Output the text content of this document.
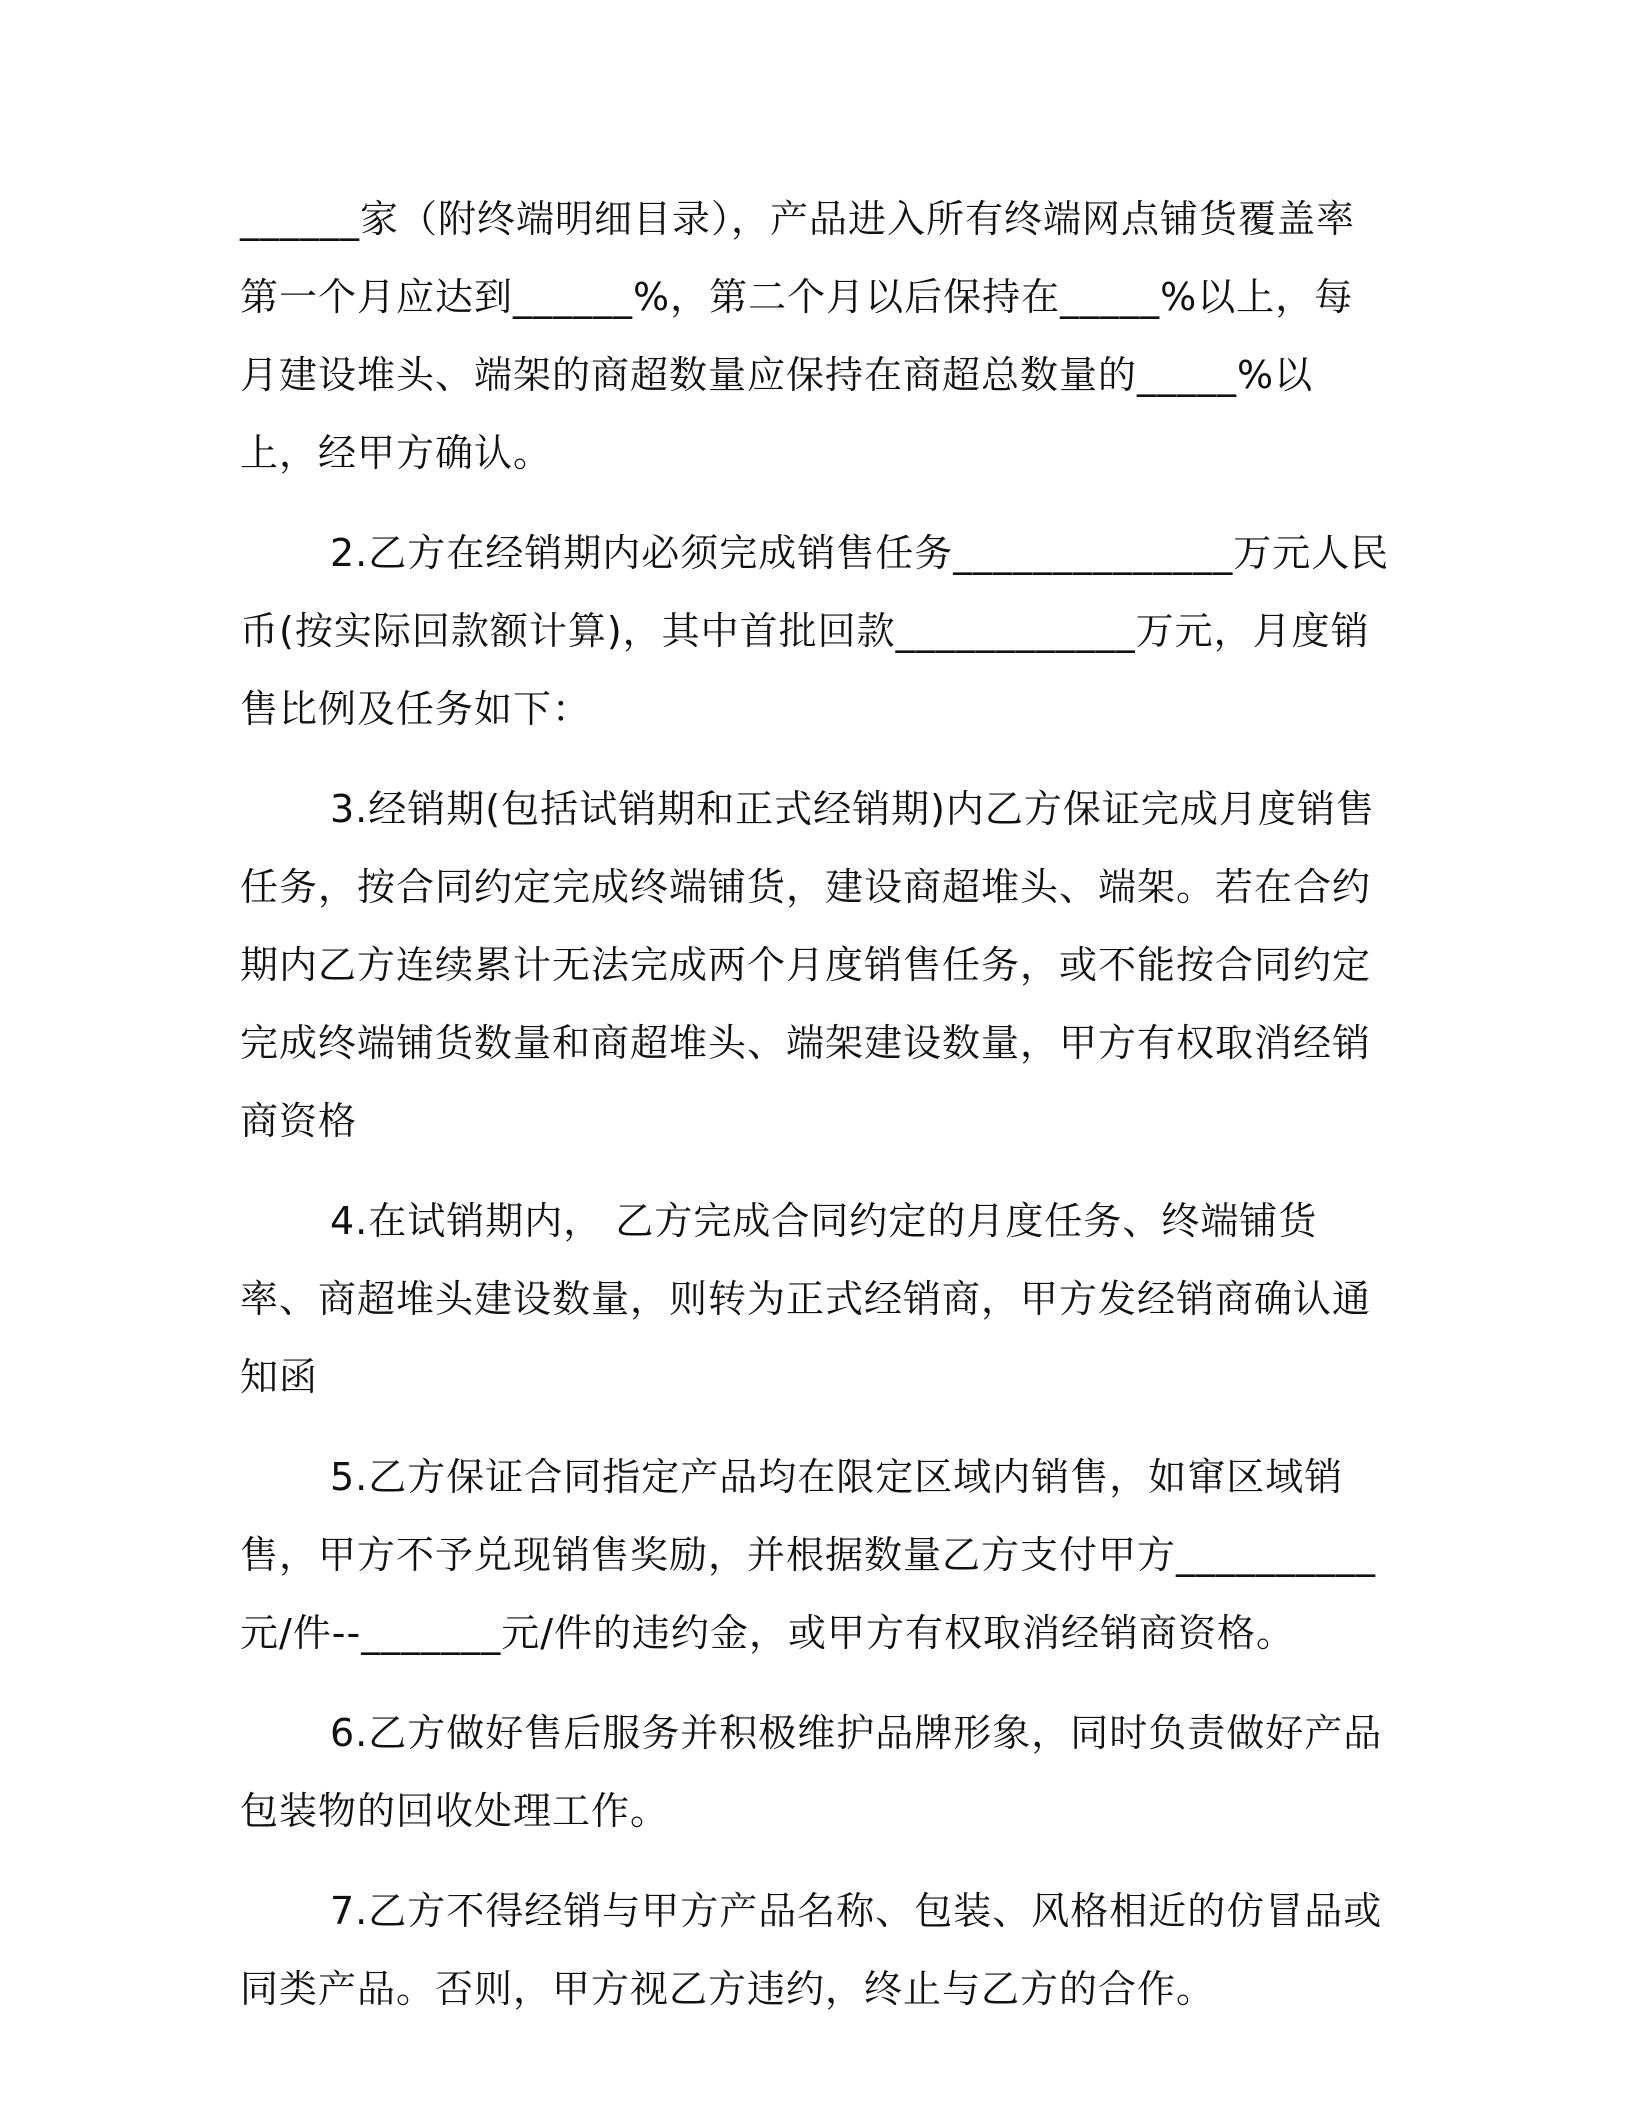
______家（附终端明细目录），产品进入所有终端网点铺货覆盖率第一个月应达到______%，第二个月以后保持在_____%以上，每月建设堆头、端架的商超数量应保持在商超总数量的_____%以上，经甲方确认。

2.乙方在经销期内必须完成销售任务______________万元人民币(按实际回款额计算)，其中首批回款____________万元，月度销售比例及任务如下：

3.经销期(包括试销期和正式经销期)内乙方保证完成月度销售任务，按合同约定完成终端铺货，建设商超堆头、端架。若在合约期内乙方连续累计无法完成两个月度销售任务，或不能按合同约定完成终端铺货数量和商超堆头、端架建设数量，甲方有权取消经销商资格

4.在试销期内， 乙方完成合同约定的月度任务、终端铺货率、商超堆头建设数量，则转为正式经销商，甲方发经销商确认通知函

5.乙方保证合同指定产品均在限定区域内销售，如窜区域销售，甲方不予兑现销售奖励，并根据数量乙方支付甲方__________元/件--_______元/件的违约金，或甲方有权取消经销商资格。

6.乙方做好售后服务并积极维护品牌形象，同时负责做好产品包装物的回收处理工作。

7.乙方不得经销与甲方产品名称、包装、风格相近的仿冒品或同类产品。否则，甲方视乙方违约，终止与乙方的合作。
